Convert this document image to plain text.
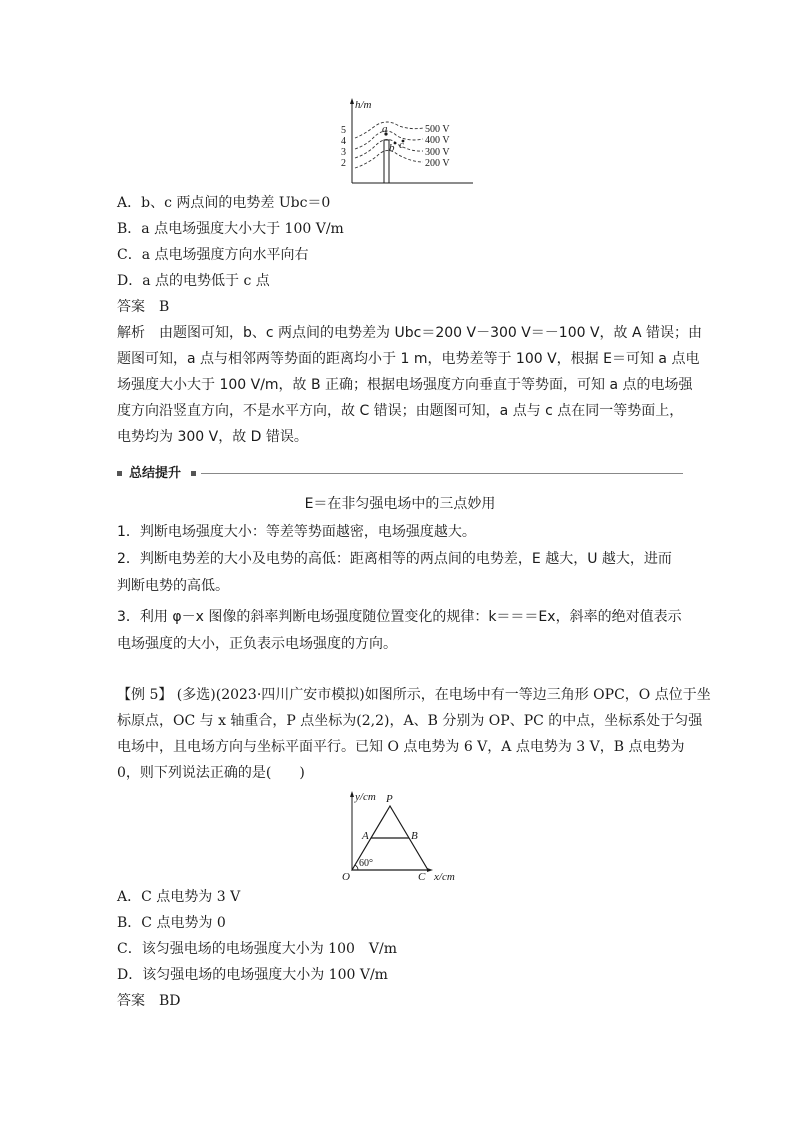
h/m
5
4
3
2
a
b c
500 V
400 V
300 V
200 V
A．b、c 两点间的电势差 Ubc＝0
B．a 点电场强度大小大于 100 V/m
C．a 点电场强度方向水平向右
D．a 点的电势低于 c 点
答案　B
解析　由题图可知，b、c 两点间的电势差为 Ubc＝200 V－300 V＝－100 V，故 A 错误；由
题图可知，a 点与相邻两等势面的距离均小于 1 m，电势差等于 100 V，根据 E＝可知 a 点电
场强度大小大于 100 V/m，故 B 正确；根据电场强度方向垂直于等势面，可知 a 点的电场强
度方向沿竖直方向，不是水平方向，故 C 错误；由题图可知，a 点与 c 点在同一等势面上，
电势均为 300 V，故 D 错误。
总结提升
E＝在非匀强电场中的三点妙用
1．判断电场强度大小：等差等势面越密，电场强度越大。
2．判断电势差的大小及电势的高低：距离相等的两点间的电势差，E 越大，U 越大，进而
判断电势的高低。
3．利用 φ－x 图像的斜率判断电场强度随位置变化的规律：k＝＝＝Ex，斜率的绝对值表示
电场强度的大小，正负表示电场强度的方向。
【例 5】 (多选)(2023·四川广安市模拟)如图所示，在电场中有一等边三角形 OPC，O 点位于坐
标原点，OC 与 x 轴重合，P 点坐标为(2,2)，A、B 分别为 OP、PC 的中点，坐标系处于匀强
电场中，且电场方向与坐标平面平行。已知 O 点电势为 6 V，A 点电势为 3 V，B 点电势为
0，则下列说法正确的是(　　)
y/cm
x/cm
60°
O
P
A	B
C
A．C 点电势为 3 V
B．C 点电势为 0
C．该匀强电场的电场强度大小为 100　V/m
D．该匀强电场的电场强度大小为 100 V/m
答案　BD
